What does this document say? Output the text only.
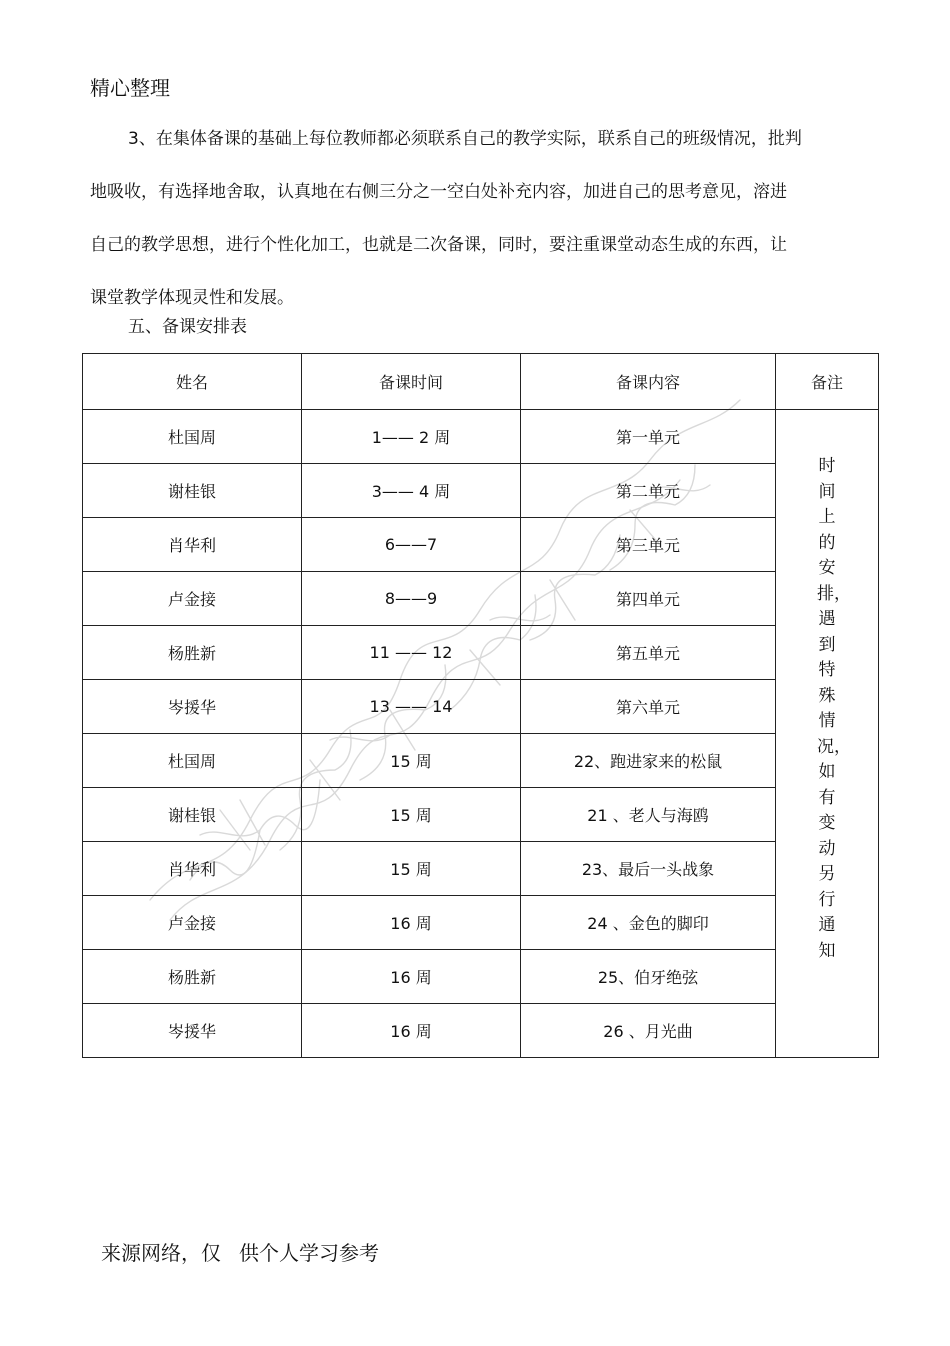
精心整理
3、在集体备课的基础上每位教师都必须联系自己的教学实际，联系自己的班级情况，批判
地吸收，有选择地舍取，认真地在右侧三分之一空白处补充内容，加进自己的思考意见，溶进
自己的教学思想，进行个性化加工，也就是二次备课，同时，要注重课堂动态生成的东西，让
课堂教学体现灵性和发展。
五、备课安排表
姓名	备课时间	备课内容	备注
杜国周	1—— 2 周	第一单元	时间上的安排，遇到特殊情况，如有变动另行通知

谢桂银	3—— 4 周	第二单元	
肖华利	6——7	第三单元	
卢金接	8——9	第四单元	
杨胜新	11 —— 12	第五单元	
岑援华	13 —— 14	第六单元	
杜国周	15 周	22、跑进家来的松鼠	
谢桂银	15 周	21 、老人与海鸥	
肖华利	15 周	23、最后一头战象	
卢金接	16 周	24 、金色的脚印	
杨胜新	16 周	25、伯牙绝弦	
岑援华	16 周	26 、月光曲	

来源网络，仅 供个人学习参考
